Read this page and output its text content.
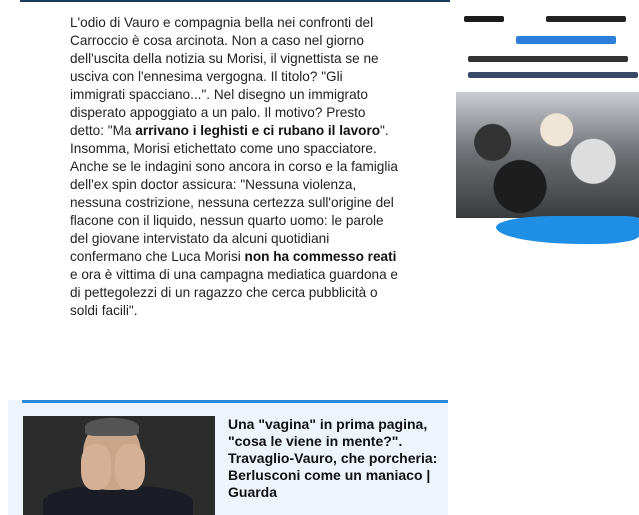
L'odio di Vauro e compagnia bella nei confronti del Carroccio è cosa arcinota. Non a caso nel giorno dell'uscita della notizia su Morisi, il vignettista se ne usciva con l'ennesima vergogna. Il titolo? "Gli immigrati spacciano...". Nel disegno un immigrato disperato appoggiato a un palo. Il motivo? Presto detto: "Ma arrivano i leghisti e ci rubano il lavoro". Insomma, Morisi etichettato come uno spacciatore. Anche se le indagini sono ancora in corso e la famiglia dell'ex spin doctor assicura: "Nessuna violenza, nessuna costrizione, nessuna certezza sull'origine del flacone con il liquido, nessun quarto uomo: le parole del giovane intervistato da alcuni quotidiani confermano che Luca Morisi non ha commesso reati e ora è vittima di una campagna mediatica guardona e di pettegolezzi di un ragazzo che cerca pubblicità o soldi facili".

Una "vagina" in prima pagina, "cosa le viene in mente?". Travaglio-Vauro, che porcheria: Berlusconi come un maniaco | Guarda
